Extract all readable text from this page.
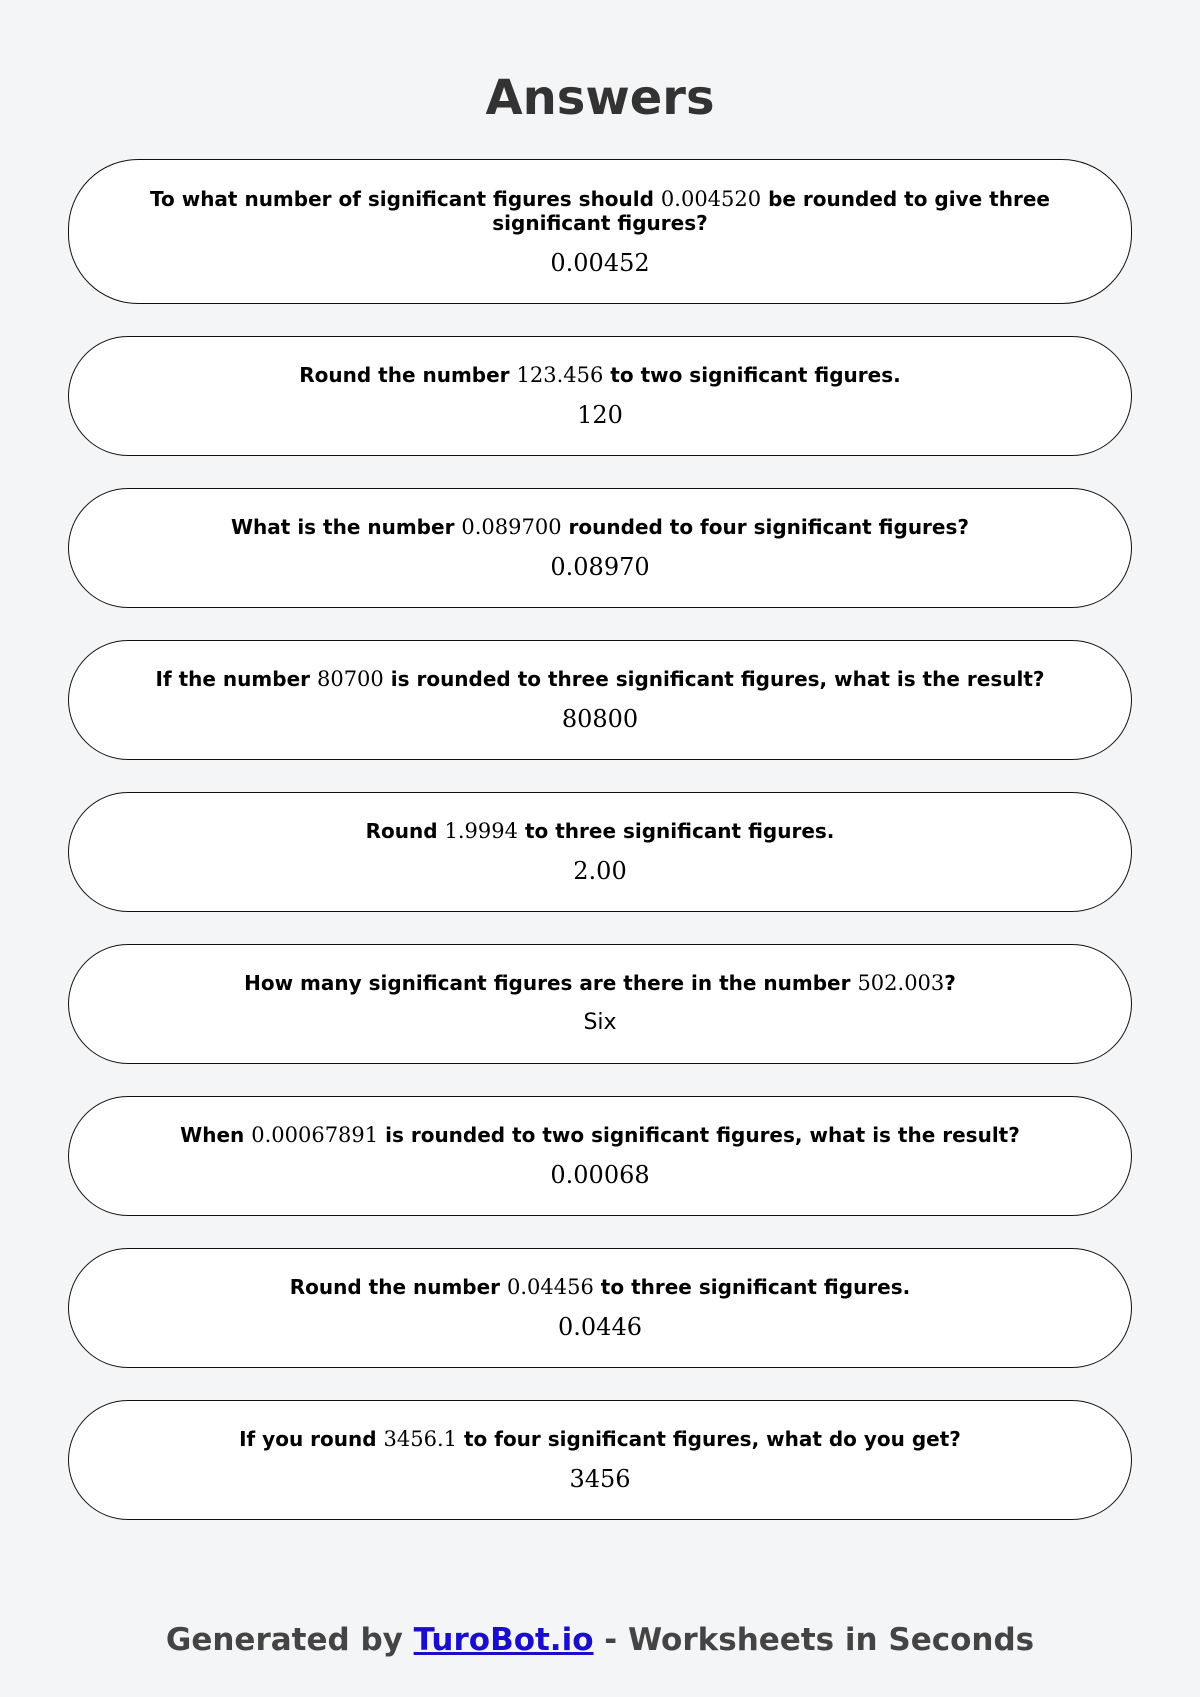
Answers
To what number of significant figures should 0.004520 be rounded to give three significant figures?
0.00452
Round the number 123.456 to two significant figures.
120
What is the number 0.089700 rounded to four significant figures?
0.08970
If the number 80700 is rounded to three significant figures, what is the result?
80800
Round 1.9994 to three significant figures.
2.00
How many significant figures are there in the number 502.003?
Six
When 0.00067891 is rounded to two significant figures, what is the result?
0.00068
Round the number 0.04456 to three significant figures.
0.0446
If you round 3456.1 to four significant figures, what do you get?
3456
Generated by TuroBot.io - Worksheets in Seconds
